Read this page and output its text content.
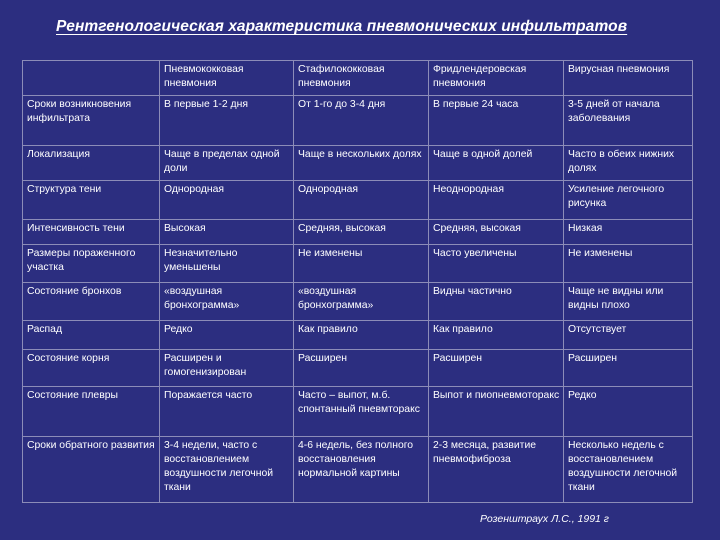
Рентгенологическая характеристика пневмонических инфильтратов
	Пневмококковая пневмония	Стафилококковая пневмония	Фридлендеровская пневмония	Вирусная пневмония
Сроки возникновения инфильтрата	В первые 1-2 дня	От 1-го до 3-4 дня	В первые 24 часа	3-5 дней от начала заболевания
Локализация	Чаще в пределах одной доли	Чаще в нескольких долях	Чаще в одной долей	Часто в обеих нижних долях
Структура тени	Однородная	Однородная	Неоднородная	Усиление легочного рисунка
Интенсивность тени	Высокая	Средняя, высокая	Средняя, высокая	Низкая
Размеры пораженного участка	Незначительно уменьшены	Не изменены	Часто увеличены	Не изменены
Состояние бронхов	«воздушная бронхограмма»	«воздушная бронхограмма»	Видны частично	Чаще не видны или видны плохо
Распад	Редко	Как правило	Как правило	Отсутствует
Состояние корня	Расширен и гомогенизирован	Расширен	Расширен	Расширен
Состояние плевры	Поражается часто	Часто – выпот, м.б. спонтанный пневмторакс	Выпот и пиопневмоторакс	Редко
Сроки обратного развития	3-4 недели, часто с восстановлением воздушности легочной ткани	4-6 недель, без полного восстановления нормальной картины	2-3 месяца, развитие пневмофиброза	Несколько недель с восстановлением воздушности легочной ткани
Розенштраух Л.С., 1991 г
